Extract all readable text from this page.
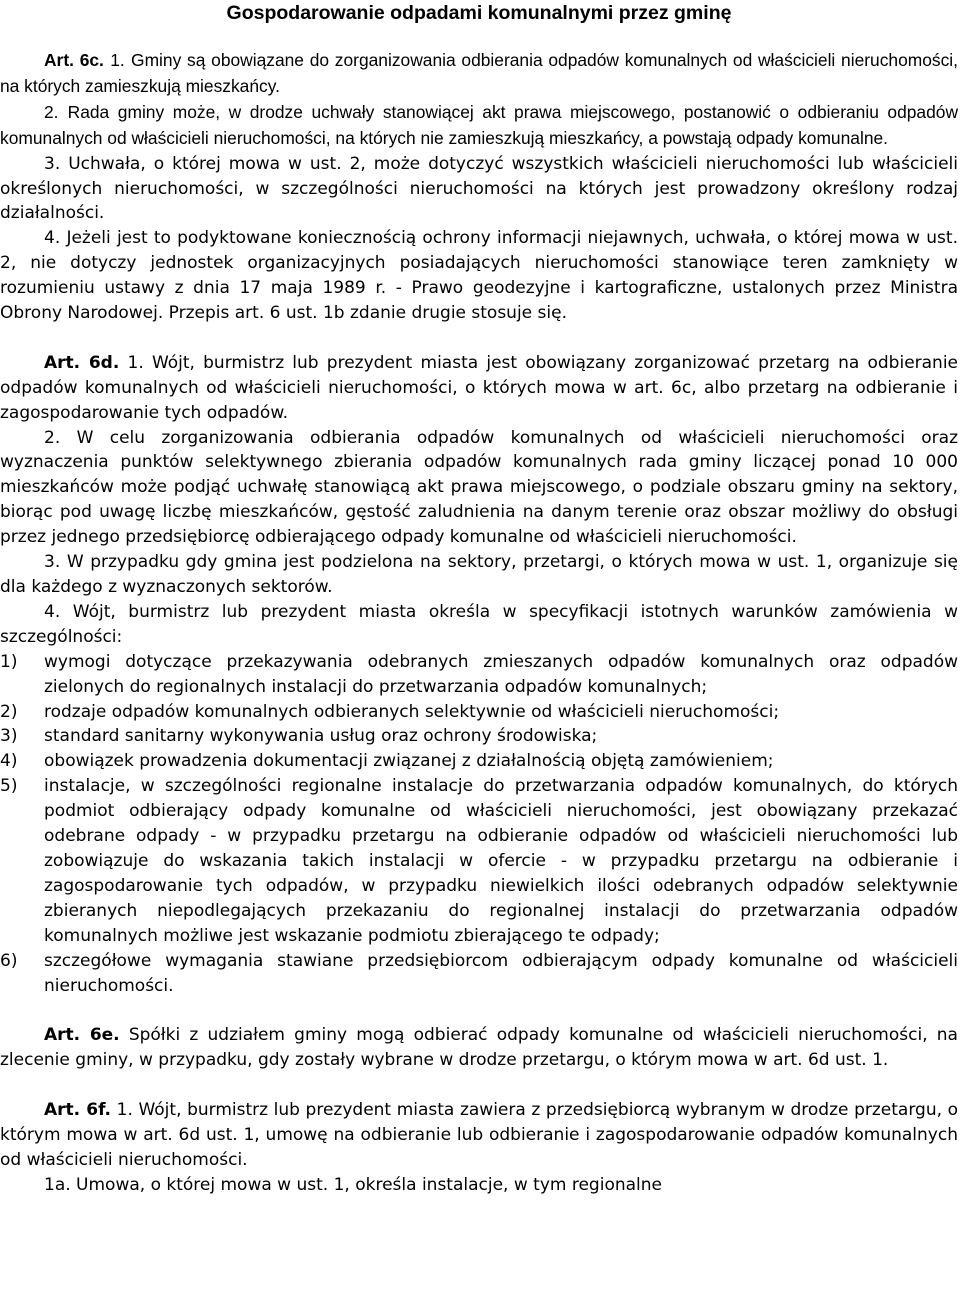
Gospodarowanie odpadami komunalnymi przez gminę

Art. 6c. 1. Gminy są obowiązane do zorganizowania odbierania odpadów komunalnych od właścicieli nieruchomości, na których zamieszkują mieszkańcy.

2. Rada gminy może, w drodze uchwały stanowiącej akt prawa miejscowego, postanowić o odbieraniu odpadów komunalnych od właścicieli nieruchomości, na których nie zamieszkują mieszkańcy, a powstają odpady komunalne.

3. Uchwała, o której mowa w ust. 2, może dotyczyć wszystkich właścicieli nieruchomości lub właścicieli określonych nieruchomości, w szczególności nieruchomości na których jest prowadzony określony rodzaj działalności.

4. Jeżeli jest to podyktowane koniecznością ochrony informacji niejawnych, uchwała, o której mowa w ust. 2, nie dotyczy jednostek organizacyjnych posiadających nieruchomości stanowiące teren zamknięty w rozumieniu ustawy z dnia 17 maja 1989 r. - Prawo geodezyjne i kartograficzne, ustalonych przez Ministra Obrony Narodowej. Przepis art. 6 ust. 1b zdanie drugie stosuje się.

Art. 6d. 1. Wójt, burmistrz lub prezydent miasta jest obowiązany zorganizować przetarg na odbieranie odpadów komunalnych od właścicieli nieruchomości, o których mowa w art. 6c, albo przetarg na odbieranie i zagospodarowanie tych odpadów.

2. W celu zorganizowania odbierania odpadów komunalnych od właścicieli nieruchomości oraz wyznaczenia punktów selektywnego zbierania odpadów komunalnych rada gminy liczącej ponad 10 000 mieszkańców może podjąć uchwałę stanowiącą akt prawa miejscowego, o podziale obszaru gminy na sektory, biorąc pod uwagę liczbę mieszkańców, gęstość zaludnienia na danym terenie oraz obszar możliwy do obsługi przez jednego przedsiębiorcę odbierającego odpady komunalne od właścicieli nieruchomości.

3. W przypadku gdy gmina jest podzielona na sektory, przetargi, o których mowa w ust. 1, organizuje się dla każdego z wyznaczonych sektorów.

4. Wójt, burmistrz lub prezydent miasta określa w specyfikacji istotnych warunków zamówienia w szczególności:

1) wymogi dotyczące przekazywania odebranych zmieszanych odpadów komunalnych oraz odpadów zielonych do regionalnych instalacji do przetwarzania odpadów komunalnych;
2) rodzaje odpadów komunalnych odbieranych selektywnie od właścicieli nieruchomości;
3) standard sanitarny wykonywania usług oraz ochrony środowiska;
4) obowiązek prowadzenia dokumentacji związanej z działalnością objętą zamówieniem;
5) instalacje, w szczególności regionalne instalacje do przetwarzania odpadów komunalnych, do których podmiot odbierający odpady komunalne od właścicieli nieruchomości, jest obowiązany przekazać odebrane odpady - w przypadku przetargu na odbieranie odpadów od właścicieli nieruchomości lub zobowiązuje do wskazania takich instalacji w ofercie - w przypadku przetargu na odbieranie i zagospodarowanie tych odpadów, w przypadku niewielkich ilości odebranych odpadów selektywnie zbieranych niepodlegających przekazaniu do regionalnej instalacji do przetwarzania odpadów komunalnych możliwe jest wskazanie podmiotu zbierającego te odpady;
6) szczegółowe wymagania stawiane przedsiębiorcom odbierającym odpady komunalne od właścicieli nieruchomości.

Art. 6e. Spółki z udziałem gminy mogą odbierać odpady komunalne od właścicieli nieruchomości, na zlecenie gminy, w przypadku, gdy zostały wybrane w drodze przetargu, o którym mowa w art. 6d ust. 1.

Art. 6f. 1. Wójt, burmistrz lub prezydent miasta zawiera z przedsiębiorcą wybranym w drodze przetargu, o którym mowa w art. 6d ust. 1, umowę na odbieranie lub odbieranie i zagospodarowanie odpadów komunalnych od właścicieli nieruchomości.

1a. Umowa, o której mowa w ust. 1, określa instalacje, w tym regionalne
